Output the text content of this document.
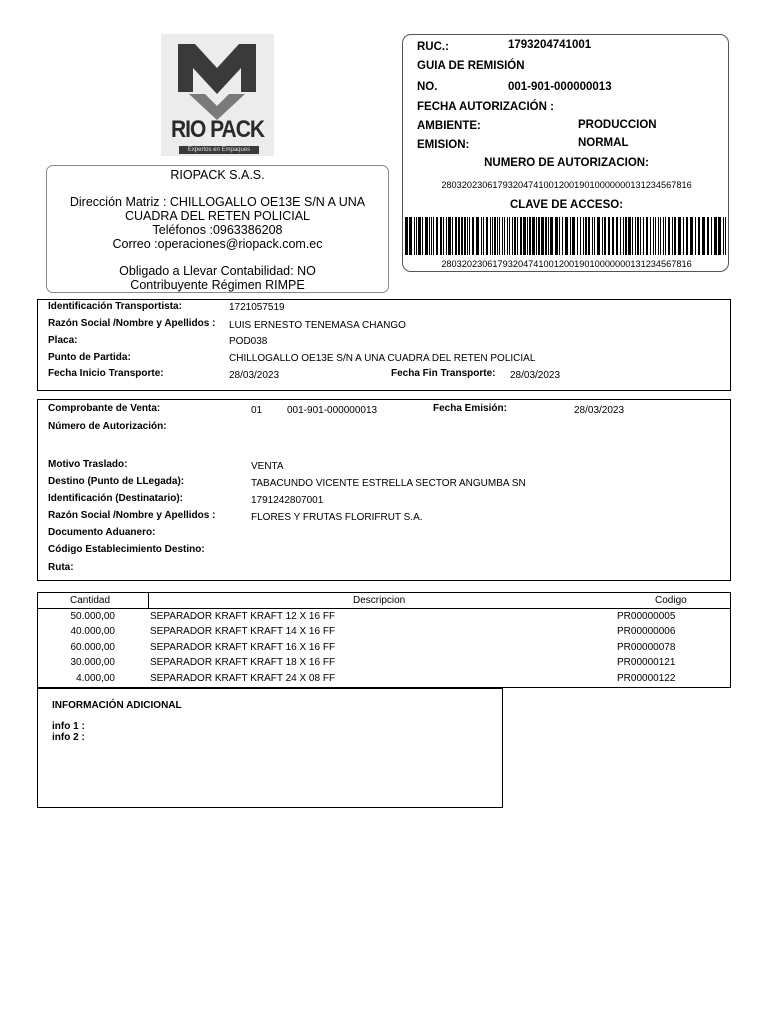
RIO PACK
Expertos en Empaques
RIOPACK S.A.S.
Dirección Matriz : CHILLOGALLO OE13E S/N A UNA
CUADRA DEL RETEN POLICIAL
Teléfonos :0963386208
Correo :operaciones@riopack.com.ec
Obligado a Llevar Contabilidad: NO
Contribuyente Régimen RIMPE
RUC.:	1793204741001
GUIA DE REMISIÓN
NO.	001-901-000000013
FECHA AUTORIZACIÓN :
AMBIENTE:	PRODUCCION
EMISION:	NORMAL
NUMERO DE AUTORIZACION:
2803202306179320474100120019010000000131234567816
CLAVE DE ACCESO:
2803202306179320474100120019010000000131234567816
Identificación Transportista:	1721057519
Razón Social /Nombre y Apellidos : LUIS ERNESTO TENEMASA CHANGO
Placa:	POD038
Punto de Partida:	CHILLOGALLO OE13E S/N A UNA CUADRA DEL RETEN POLICIAL
Fecha Inicio Transporte:	28/03/2023	Fecha Fin Transporte: 28/03/2023
Comprobante de Venta:	01 001-901-000000013	Fecha Emisión:	28/03/2023
Número de Autorización:
Motivo Traslado:	VENTA
Destino (Punto de LLegada):	TABACUNDO VICENTE ESTRELLA SECTOR ANGUMBA SN
Identificación (Destinatario):	1791242807001
Razón Social /Nombre y Apellidos :	FLORES Y FRUTAS FLORIFRUT S.A.
Documento Aduanero:
Código Establecimiento Destino:
Ruta:
Cantidad	Descripcion	Codigo
50.000,00	SEPARADOR KRAFT KRAFT 12 X 16 FF	PR00000005
40.000,00	SEPARADOR KRAFT KRAFT 14 X 16 FF	PR00000006
60.000,00	SEPARADOR KRAFT KRAFT 16 X 16 FF	PR00000078
30.000,00	SEPARADOR KRAFT KRAFT 18 X 16 FF	PR00000121
4.000,00	SEPARADOR KRAFT KRAFT 24 X 08 FF	PR00000122
INFORMACIÓN ADICIONAL
info 1 :
info 2 :
